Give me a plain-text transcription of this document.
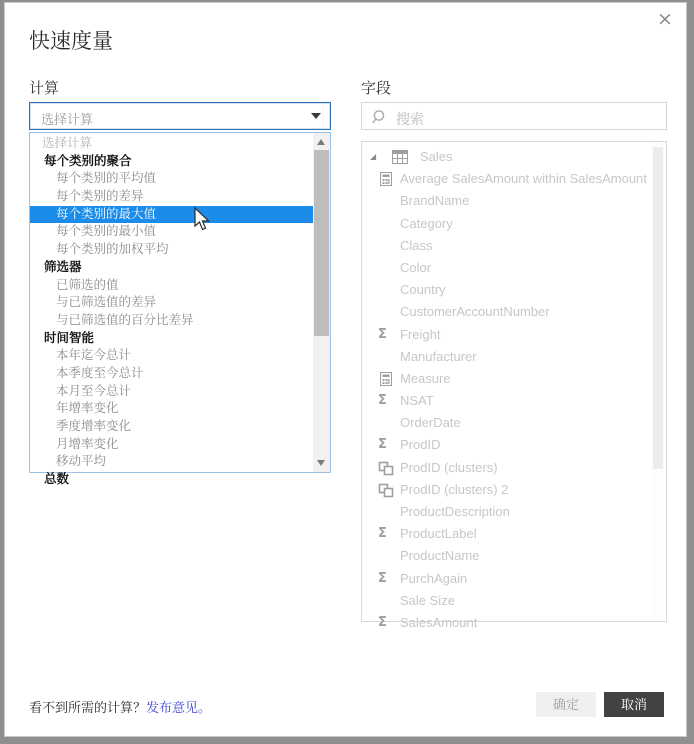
×
快速度量
计算	字段
选择计算
选择计算
每个类别的聚合
每个类别的平均值
每个类别的差异
每个类别的最大值
每个类别的最小值
每个类别的加权平均
筛选器
已筛选的值
与已筛选值的差异
与已筛选值的百分比差异
时间智能
本年迄今总计
本季度至今总计
本月至今总计
年增率变化
季度增率变化
月增率变化
移动平均
总数
搜索
◢	Sales
Average SalesAmount within SalesAmount
BrandName
Category
Class
Color
Country
CustomerAccountNumber
Σ	Freight
Manufacturer
Measure
Σ	NSAT
OrderDate
Σ	ProdID
ProdID (clusters)
ProdID (clusters) 2
ProductDescription
Σ	ProductLabel
ProductName
Σ	PurchAgain
Sale Size
Σ	SalesAmount
看不到所需的计算？发布意见。	确定	取消
